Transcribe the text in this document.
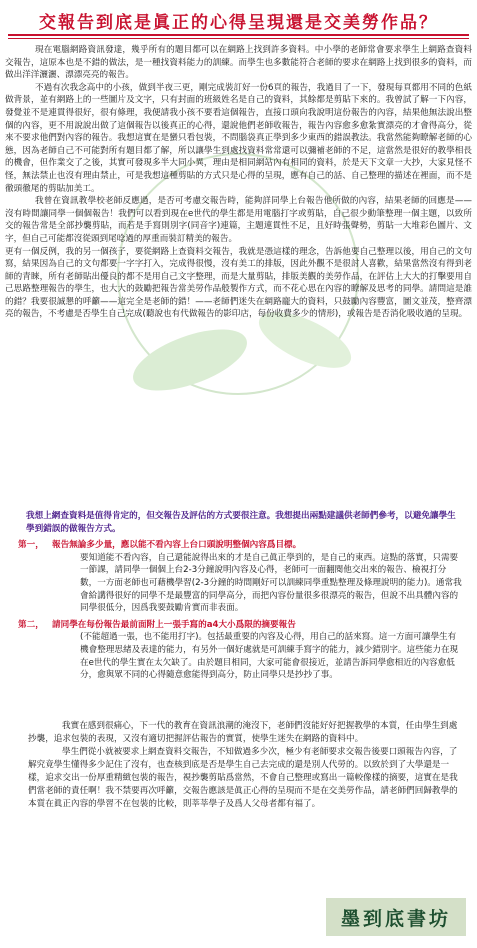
交報告到底是眞正的心得呈現還是交美勞作品？

現在電腦網路資訊發達，幾乎所有的題目都可以在網路上找到許多資料。中小學的老師常會要求學生上網路查資料交報告，這原本也是不錯的做法，是一種找資料能力的訓練。而學生也多數能符合老師的要求在網路上找到很多的資料，而做出洋洋灑灑、漂漂亮亮的報告。

不過有次我念高中的小孩，做到半夜三更，剛完成裝訂好一份6頁的報告，我過目了一下，發現每頁都用不同的色紙做背景，並有網路上的一些圖片及文字，只有封面的班級姓名是自己的資料，其餘都是剪貼下來的。我曾試了解一下內容，發覺並不是連貫得很好，很有條理，我便請我小孩不要看這個報告，直接口頭向我說明這份報告的內容，結果他無法說出整個的內容，更不用說說出做了這個報告以後真正的心得，還說他們老師收報告，報告內容愈多愈紮實漂亮的才會得高分，從來不要求他們對內容的報告。我想這實在是蠻只看包裝，不問腦袋真正學到多少東西的錯誤教法。我當然能夠瞭解老師的心態，因為老師自己不可能對所有題目都了解，所以讓學生到處找資料常常還可以彌補老師的不足，這當然是很好的教學相長的機會，但作業交了之後，其實可發現多半大同小異，理由是相同網站內有相同的資料，於是天下文章一大抄，大家見怪不怪，無法禁止也沒有理由禁止，可是我想這種剪貼的方式只是心得的呈現，應有自己的話、自己整理的描述在裡面，而不是徹頭徹尾的剪貼加美工。

我曾在資訊教學校老師反應過，是否可考慮交報告時，能夠詳同學上台報告他所做的內容，結果老師的回應是——沒有時間讓同學一個個報告！我們可以看到現在e世代的學生都是用電腦打字或剪貼，自己很少動筆整理一個主題，以致所交的報告常是全部抄襲剪貼，而若是手寫則別字(同音字)連篇，主題連貫性不足，且好時張聲勢，剪貼一大堆彩色圖片、文字，但自己可能都沒從頭到尾唸過的厚重而裝訂精美的報告。

更有一個反例，我的另一個孩子，要從網路上查資料交報告，我就是憑這樣的理念，告訴他要自己整理以後，用自己的文句寫，結果因為自己的文句都要一字字打入，完成得很慢，沒有美工的排版，因此外觀不是很討人喜歡，結果當然沒有得到老師的青睞，所有老師貼出優良的都不是用自己文字整理，而是大量剪貼，排版美觀的美勞作品，在評估上大大的打擊要用自己思路整理報告的學生，也大大的鼓勵把報告當美勞作品般製作方式，而不花心思在內容的瞭解及思考的同學。請問這是誰的錯？我要很誠懇的呼籲——這完全是老師的錯！——老師們迷失在網路龐大的資料，只鼓勵內容豐富，圖文並茂，整齊漂亮的報告，不考慮是否學生自己完成(聽說也有代做報告的影印店，每份收費多少的情形)，或報告是否消化吸收過的呈現。

我想上網查資料是值得肯定的，但交報告及評估的方式要很注意。我想提出兩點建議供老師們參考，以避免讓學生學到錯誤的做報告方式。

第一， 報告無論多少量，應以能不看內容上台口頭說明整個內容爲目標。

要知道能不看內容，自己還能說得出來的才是自己眞正學到的，是自己的東西。這點的落實，只需要一節課，請同學一個個上台2-3分鐘說明內容及心得，老師可一面翻閱他交出來的報告、檢視打分數，一方面老師也可藉機學習(2-3分鐘的時間剛好可以訓練同學重點整理及條理說明的能力)。通常我會給講得很好的同學不是最豐富的同學高分，而把內容份量很多很漂亮的報告，但說不出具體內容的同學很低分，因爲我要鼓勵肯實而非表面。

第二， 請同學在每份報告最前面附上一張手寫的a4大小爲限的摘要報告

(不能超過一張，也不能用打字)。包括最重要的內容及心得，用自己的話來寫。這一方面可讓學生有機會整理思緒及表達的能力，有另外一個好處就是可訓練手寫字的能力，減少錯別字。這些能力在現在e世代的學生實在太欠缺了。由於題目相同，大家可能會很接近，並請告訴同學愈相近的內容愈低分，愈與眾不同的心得隨意愈能得到高分，防止同學只是抄抄了事。

我實在感到很痛心，下一代的教育在資訊浪潮的淹沒下，老師們沒能好好把握教學的本質，任由學生到處抄襲，追求包裝的表現，又沒有適切把握評估報告的實質，使學生迷失在網路的資料中。

學生們從小就被要求上網查資料交報告，不知做過多少次，極少有老師要求交報告後要口頭報告內容，了解究竟學生懂得多少記住了沒有，也查核到底是否是學生自己去完成的還是別人代勞的。以致於到了大學還是一樣，追求交出一份厚重精緻包裝的報告，視抄襲剪貼爲當然，不會自己整理或寫出一篇較像樣的摘要，這實在是我們當老師的責任啊！我不禁要再次呼籲，交報告應該是眞正心得的呈現而不是在交美勞作品，請老師們回歸教學的本質在眞正內容的學習不在包裝的比較，則莘莘學子及爲人父母者都有福了。

墨到底書坊
